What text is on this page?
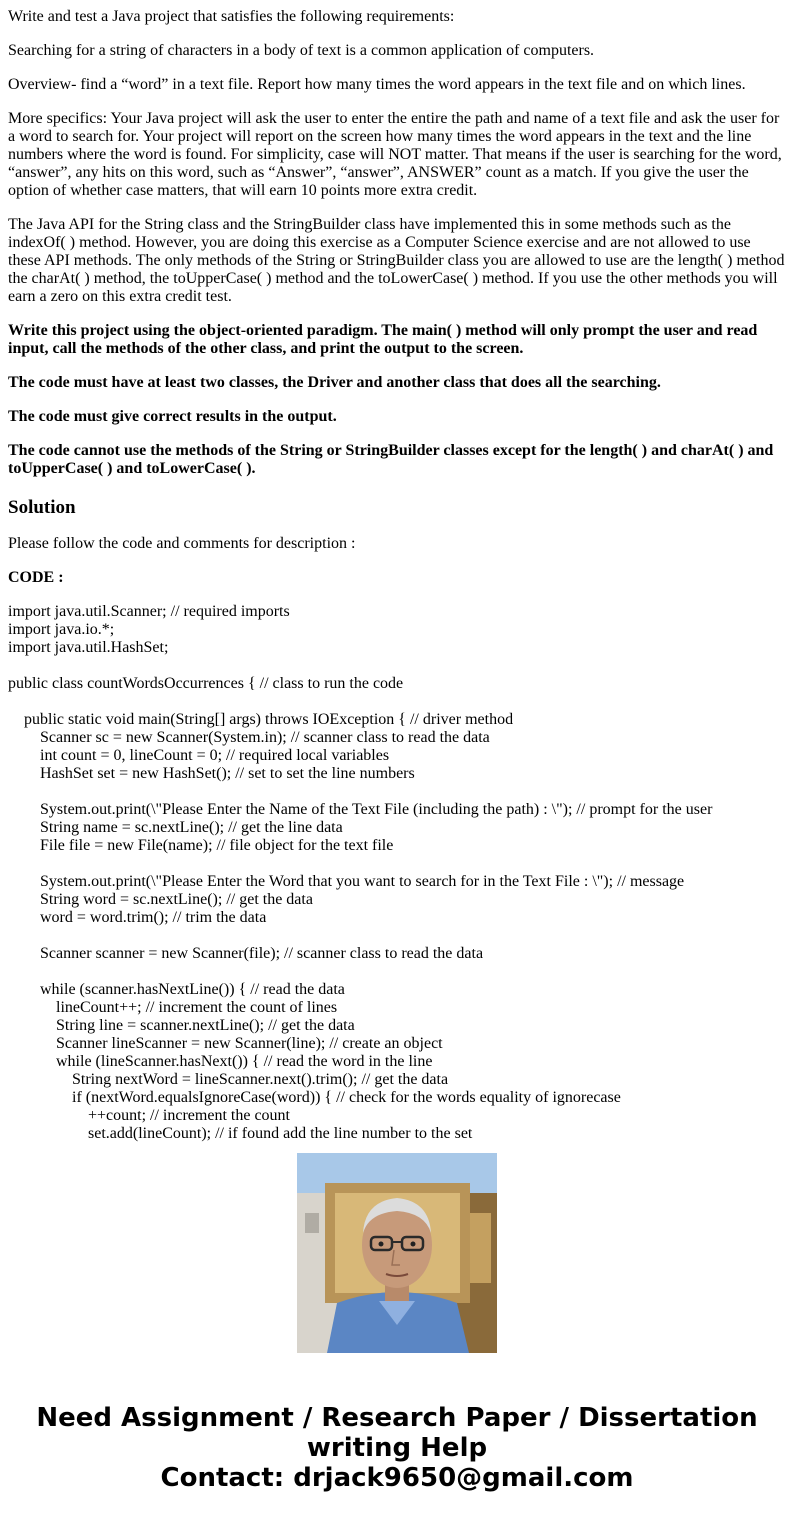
Write and test a Java project that satisfies the following requirements:

Searching for a string of characters in a body of text is a common application of computers.

Overview- find a “word” in a text file. Report how many times the word appears in the text file and on which lines.

More specifics: Your Java project will ask the user to enter the entire the path and name of a text file and ask the user for a word to search for. Your project will report on the screen how many times the word appears in the text and the line numbers where the word is found. For simplicity, case will NOT matter. That means if the user is searching for the word, “answer”, any hits on this word, such as “Answer”, “answer”, ANSWER” count as a match. If you give the user the option of whether case matters, that will earn 10 points more extra credit.

The Java API for the String class and the StringBuilder class have implemented this in some methods such as the indexOf( ) method. However, you are doing this exercise as a Computer Science exercise and are not allowed to use these API methods. The only methods of the String or StringBuilder class you are allowed to use are the length( ) method the charAt( ) method, the toUpperCase( ) method and the toLowerCase( ) method. If you use the other methods you will earn a zero on this extra credit test.

Write this project using the object-oriented paradigm. The main( ) method will only prompt the user and read input, call the methods of the other class, and print the output to the screen.

The code must have at least two classes, the Driver and another class that does all the searching.

The code must give correct results in the output.

The code cannot use the methods of the String or StringBuilder classes except for the length( ) and charAt( ) and toUpperCase( ) and toLowerCase( ).

Solution

Please follow the code and comments for description :

CODE :

import java.util.Scanner; // required imports
import java.io.*;
import java.util.HashSet;
public class countWordsOccurrences { // class to run the code
public static void main(String[] args) throws IOException { // driver method
Scanner sc = new Scanner(System.in); // scanner class to read the data
int count = 0, lineCount = 0; // required local variables
HashSet set = new HashSet(); // set to set the line numbers
System.out.print(\"Please Enter the Name of the Text File (including the path) : \"); // prompt for the user
String name = sc.nextLine(); // get the line data
File file = new File(name); // file object for the text file
System.out.print(\"Please Enter the Word that you want to search for in the Text File : \"); // message
String word = sc.nextLine(); // get the data
word = word.trim(); // trim the data
Scanner scanner = new Scanner(file); // scanner class to read the data
while (scanner.hasNextLine()) { // read the data
lineCount++; // increment the count of lines
String line = scanner.nextLine(); // get the data
Scanner lineScanner = new Scanner(line); // create an object
while (lineScanner.hasNext()) { // read the word in the line
String nextWord = lineScanner.next().trim(); // get the data
if (nextWord.equalsIgnoreCase(word)) { // check for the words equality of ignorecase
++count; // increment the count
set.add(lineCount); // if found add the line number to the set
Need Assignment / Research Paper / Dissertation
writing Help
Contact: drjack9650@gmail.com
